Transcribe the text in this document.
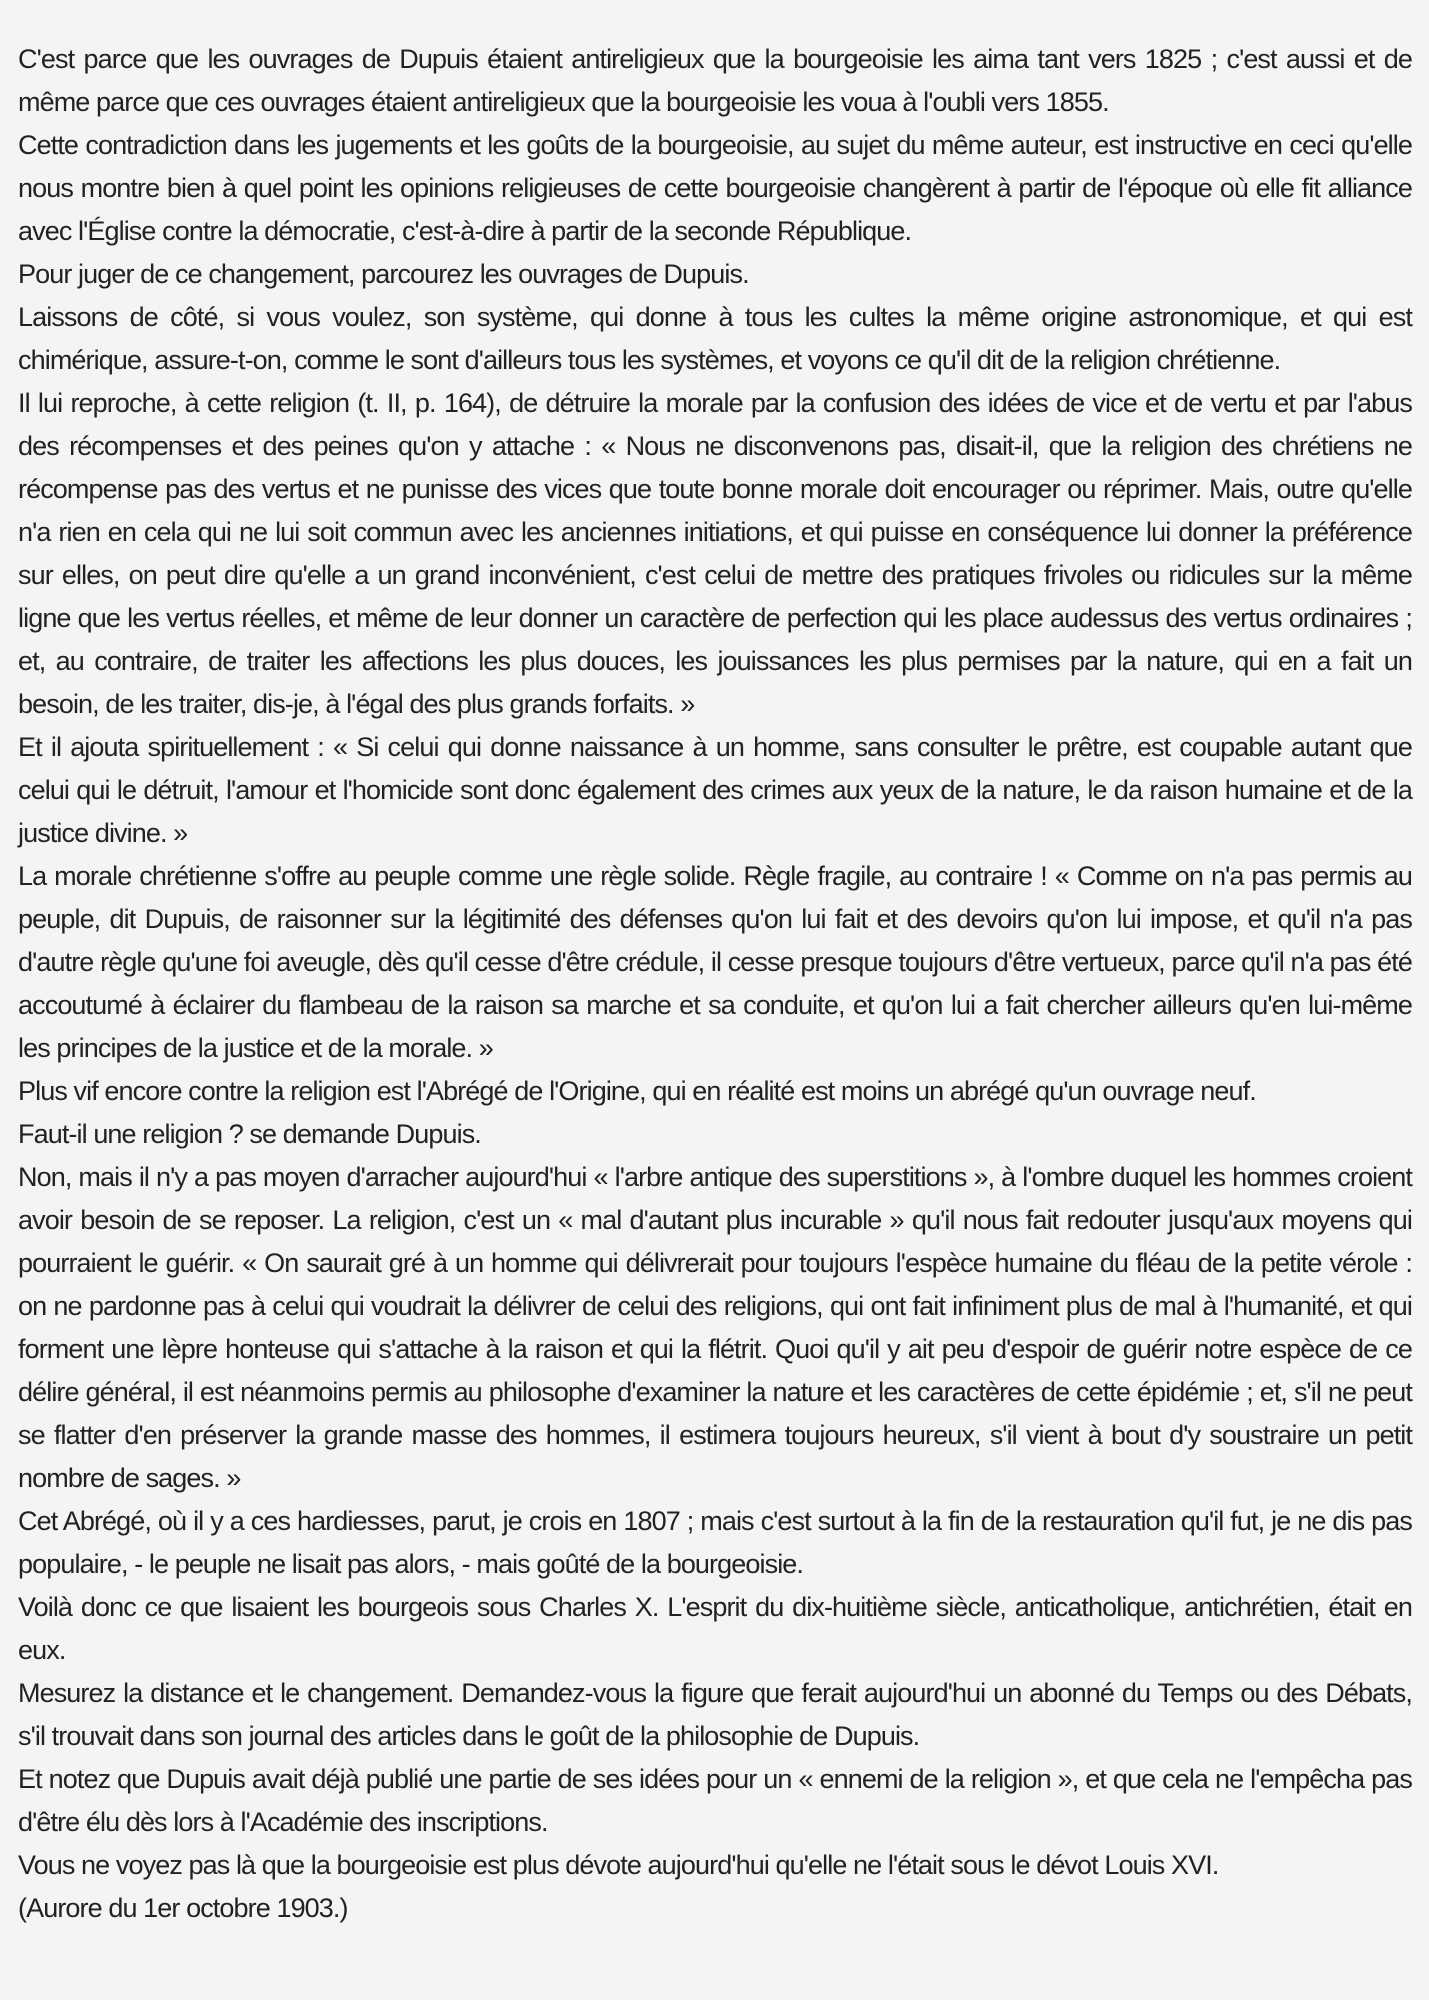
C'est parce que les ouvrages de Dupuis étaient antireligieux que la bourgeoisie les aima tant vers 1825 ; c'est aussi et de même parce que ces ouvrages étaient antireligieux que la bourgeoisie les voua à l'oubli vers 1855.

Cette contradiction dans les jugements et les goûts de la bourgeoisie, au sujet du même auteur, est instructive en ceci qu'elle nous montre bien à quel point les opinions religieuses de cette bourgeoisie changèrent à partir de l'époque où elle fit alliance avec l'Église contre la démocratie, c'est-à-dire à partir de la seconde République.

Pour juger de ce changement, parcourez les ouvrages de Dupuis.

Laissons de côté, si vous voulez, son système, qui donne à tous les cultes la même origine astronomique, et qui est chimérique, assure-t-on, comme le sont d'ailleurs tous les systèmes, et voyons ce qu'il dit de la religion chrétienne.

Il lui reproche, à cette religion (t. II, p. 164), de détruire la morale par la confusion des idées de vice et de vertu et par l'abus des récompenses et des peines qu'on y attache : « Nous ne disconvenons pas, disait-il, que la religion des chrétiens ne récompense pas des vertus et ne punisse des vices que toute bonne morale doit encourager ou réprimer. Mais, outre qu'elle n'a rien en cela qui ne lui soit commun avec les anciennes initiations, et qui puisse en conséquence lui donner la préférence sur elles, on peut dire qu'elle a un grand inconvénient, c'est celui de mettre des pratiques frivoles ou ridicules sur la même ligne que les vertus réelles, et même de leur donner un caractère de perfection qui les place audessus des vertus ordinaires ; et, au contraire, de traiter les affections les plus douces, les jouissances les plus permises par la nature, qui en a fait un besoin, de les traiter, dis-je, à l'égal des plus grands forfaits. »

Et il ajouta spirituellement : « Si celui qui donne naissance à un homme, sans consulter le prêtre, est coupable autant que celui qui le détruit, l'amour et l'homicide sont donc également des crimes aux yeux de la nature, le da raison humaine et de la justice divine. »

La morale chrétienne s'offre au peuple comme une règle solide. Règle fragile, au contraire ! « Comme on n'a pas permis au peuple, dit Dupuis, de raisonner sur la légitimité des défenses qu'on lui fait et des devoirs qu'on lui impose, et qu'il n'a pas d'autre règle qu'une foi aveugle, dès qu'il cesse d'être crédule, il cesse presque toujours d'être vertueux, parce qu'il n'a pas été accoutumé à éclairer du flambeau de la raison sa marche et sa conduite, et qu'on lui a fait chercher ailleurs qu'en lui-même les principes de la justice et de la morale. »

Plus vif encore contre la religion est l'Abrégé de l'Origine, qui en réalité est moins un abrégé qu'un ouvrage neuf.

Faut-il une religion ? se demande Dupuis.

Non, mais il n'y a pas moyen d'arracher aujourd'hui « l'arbre antique des superstitions », à l'ombre duquel les hommes croient avoir besoin de se reposer. La religion, c'est un « mal d'autant plus incurable » qu'il nous fait redouter jusqu'aux moyens qui pourraient le guérir. « On saurait gré à un homme qui délivrerait pour toujours l'espèce humaine du fléau de la petite vérole : on ne pardonne pas à celui qui voudrait la délivrer de celui des religions, qui ont fait infiniment plus de mal à l'humanité, et qui forment une lèpre honteuse qui s'attache à la raison et qui la flétrit. Quoi qu'il y ait peu d'espoir de guérir notre espèce de ce délire général, il est néanmoins permis au philosophe d'examiner la nature et les caractères de cette épidémie ; et, s'il ne peut se flatter d'en préserver la grande masse des hommes, il estimera toujours heureux, s'il vient à bout d'y soustraire un petit nombre de sages. »

Cet Abrégé, où il y a ces hardiesses, parut, je crois en 1807 ; mais c'est surtout à la fin de la restauration qu'il fut, je ne dis pas populaire, - le peuple ne lisait pas alors, - mais goûté de la bourgeoisie.

Voilà donc ce que lisaient les bourgeois sous Charles X. L'esprit du dix-huitième siècle, anticatholique, antichrétien, était en eux.

Mesurez la distance et le changement. Demandez-vous la figure que ferait aujourd'hui un abonné du Temps ou des Débats, s'il trouvait dans son journal des articles dans le goût de la philosophie de Dupuis.

Et notez que Dupuis avait déjà publié une partie de ses idées pour un « ennemi de la religion », et que cela ne l'empêcha pas d'être élu dès lors à l'Académie des inscriptions.

Vous ne voyez pas là que la bourgeoisie est plus dévote aujourd'hui qu'elle ne l'était sous le dévot Louis XVI.

(Aurore du 1er octobre 1903.)
